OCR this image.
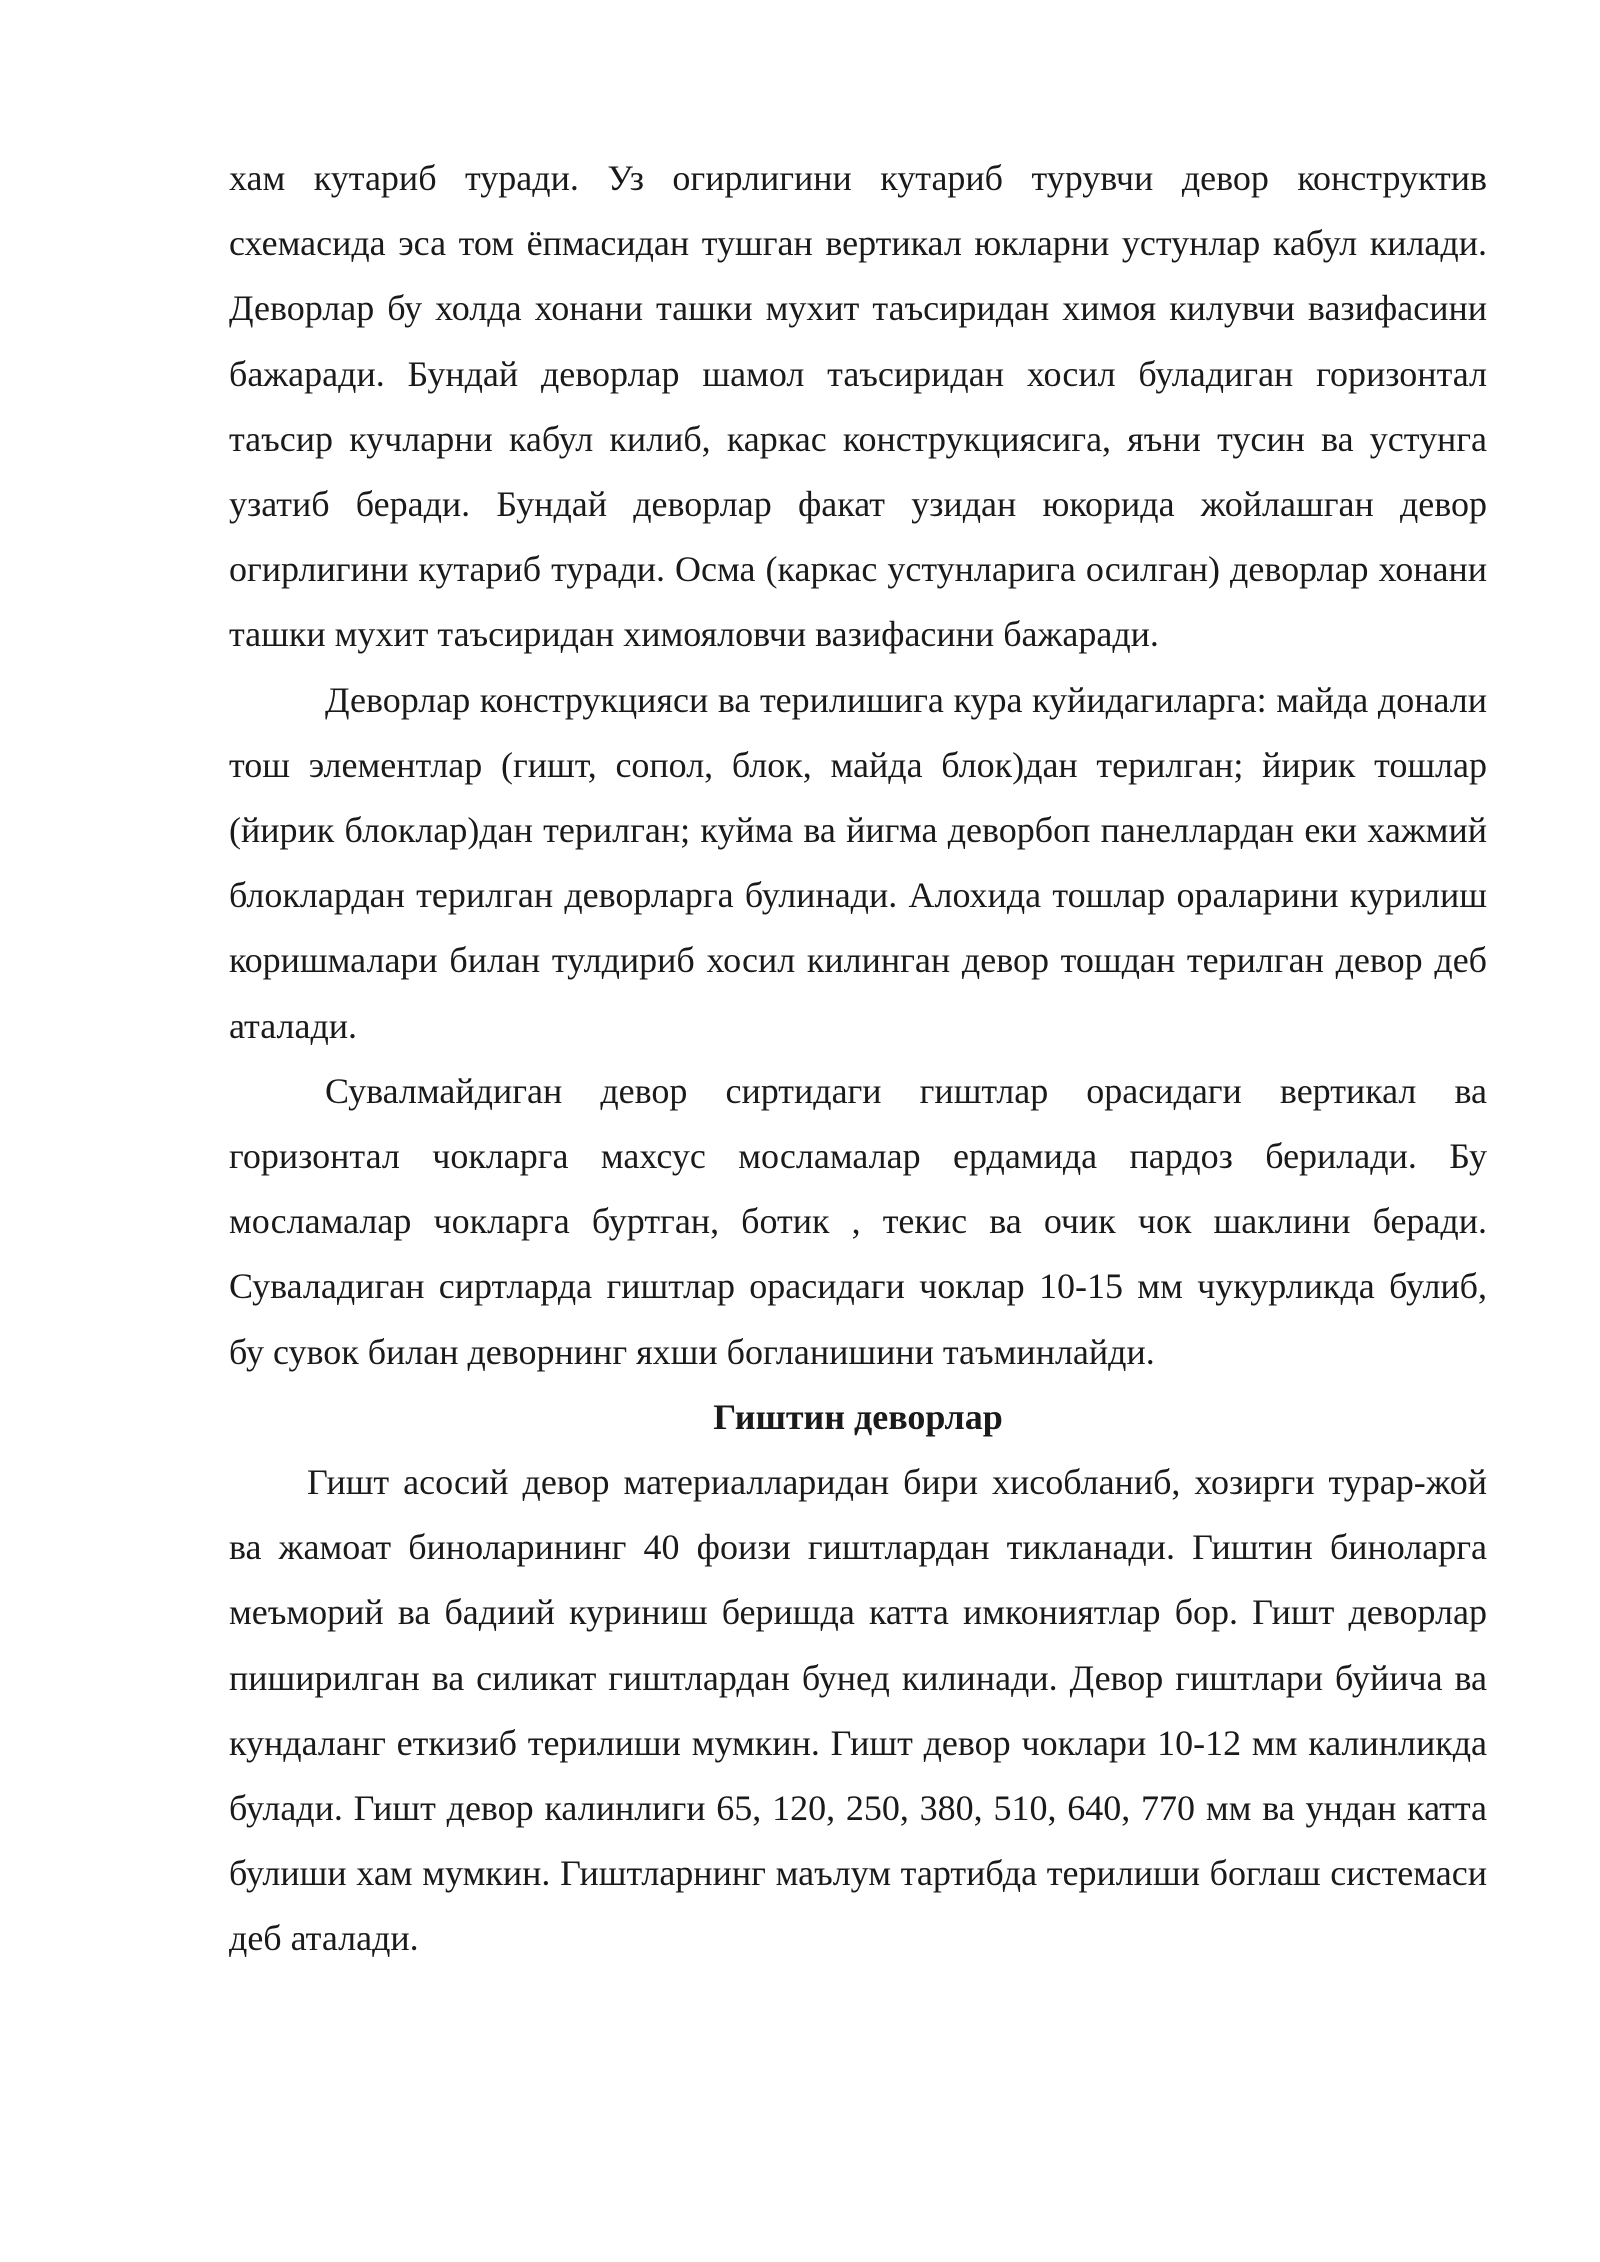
хам кутариб туради. Уз огирлигини кутариб турувчи девор конструктив схемасида эса том ёпмасидан тушган вертикал юкларни устунлар кабул килади. Деворлар бу холда хонани ташки мухит таъсиридан химоя килувчи вазифасини бажаради. Бундай деворлар шамол таъсиридан хосил буладиган горизонтал таъсир кучларни кабул килиб, каркас конструкциясига, яъни тусин ва устунга узатиб беради. Бундай деворлар факат узидан юкорида жойлашган девор огирлигини кутариб туради. Осма (каркас устунларига осилган) деворлар хонани ташки мухит таъсиридан химояловчи вазифасини бажаради.

Деворлар конструкцияси ва терилишига кура куйидагиларга: майда донали тош элементлар (гишт, сопол, блок, майда блок)дан терилган; йирик тошлар (йирик блоклар)дан терилган; куйма ва йигма деворбоп панеллардан еки хажмий блоклардан терилган деворларга булинади. Алохида тошлар ораларини курилиш коришмалари билан тулдириб хосил килинган девор тошдан терилган девор деб аталади.

Сувалмайдиган девор сиртидаги гиштлар орасидаги вертикал ва горизонтал чокларга махсус мосламалар ердамида пардоз берилади. Бу мосламалар чокларга буртган, ботик , текис ва очик чок шаклини беради. Суваладиган сиртларда гиштлар орасидаги чоклар 10-15 мм чукурликда булиб, бу сувок билан деворнинг яхши богланишини таъминлайди.

Гиштин деворлар

Гишт асосий девор материалларидан бири хисобланиб, хозирги турар-жой ва жамоат биноларининг 40 фоизи гиштлардан тикланади. Гиштин биноларга меъморий ва бадиий куриниш беришда катта имкониятлар бор. Гишт деворлар пиширилган ва силикат гиштлардан бунед килинади. Девор гиштлари буйича ва кундаланг еткизиб терилиши мумкин. Гишт девор чоклари 10-12 мм калинликда булади. Гишт девор калинлиги 65, 120, 250, 380, 510, 640, 770 мм ва ундан катта булиши хам мумкин. Гиштларнинг маълум тартибда терилиши боглаш системаси деб аталади.
